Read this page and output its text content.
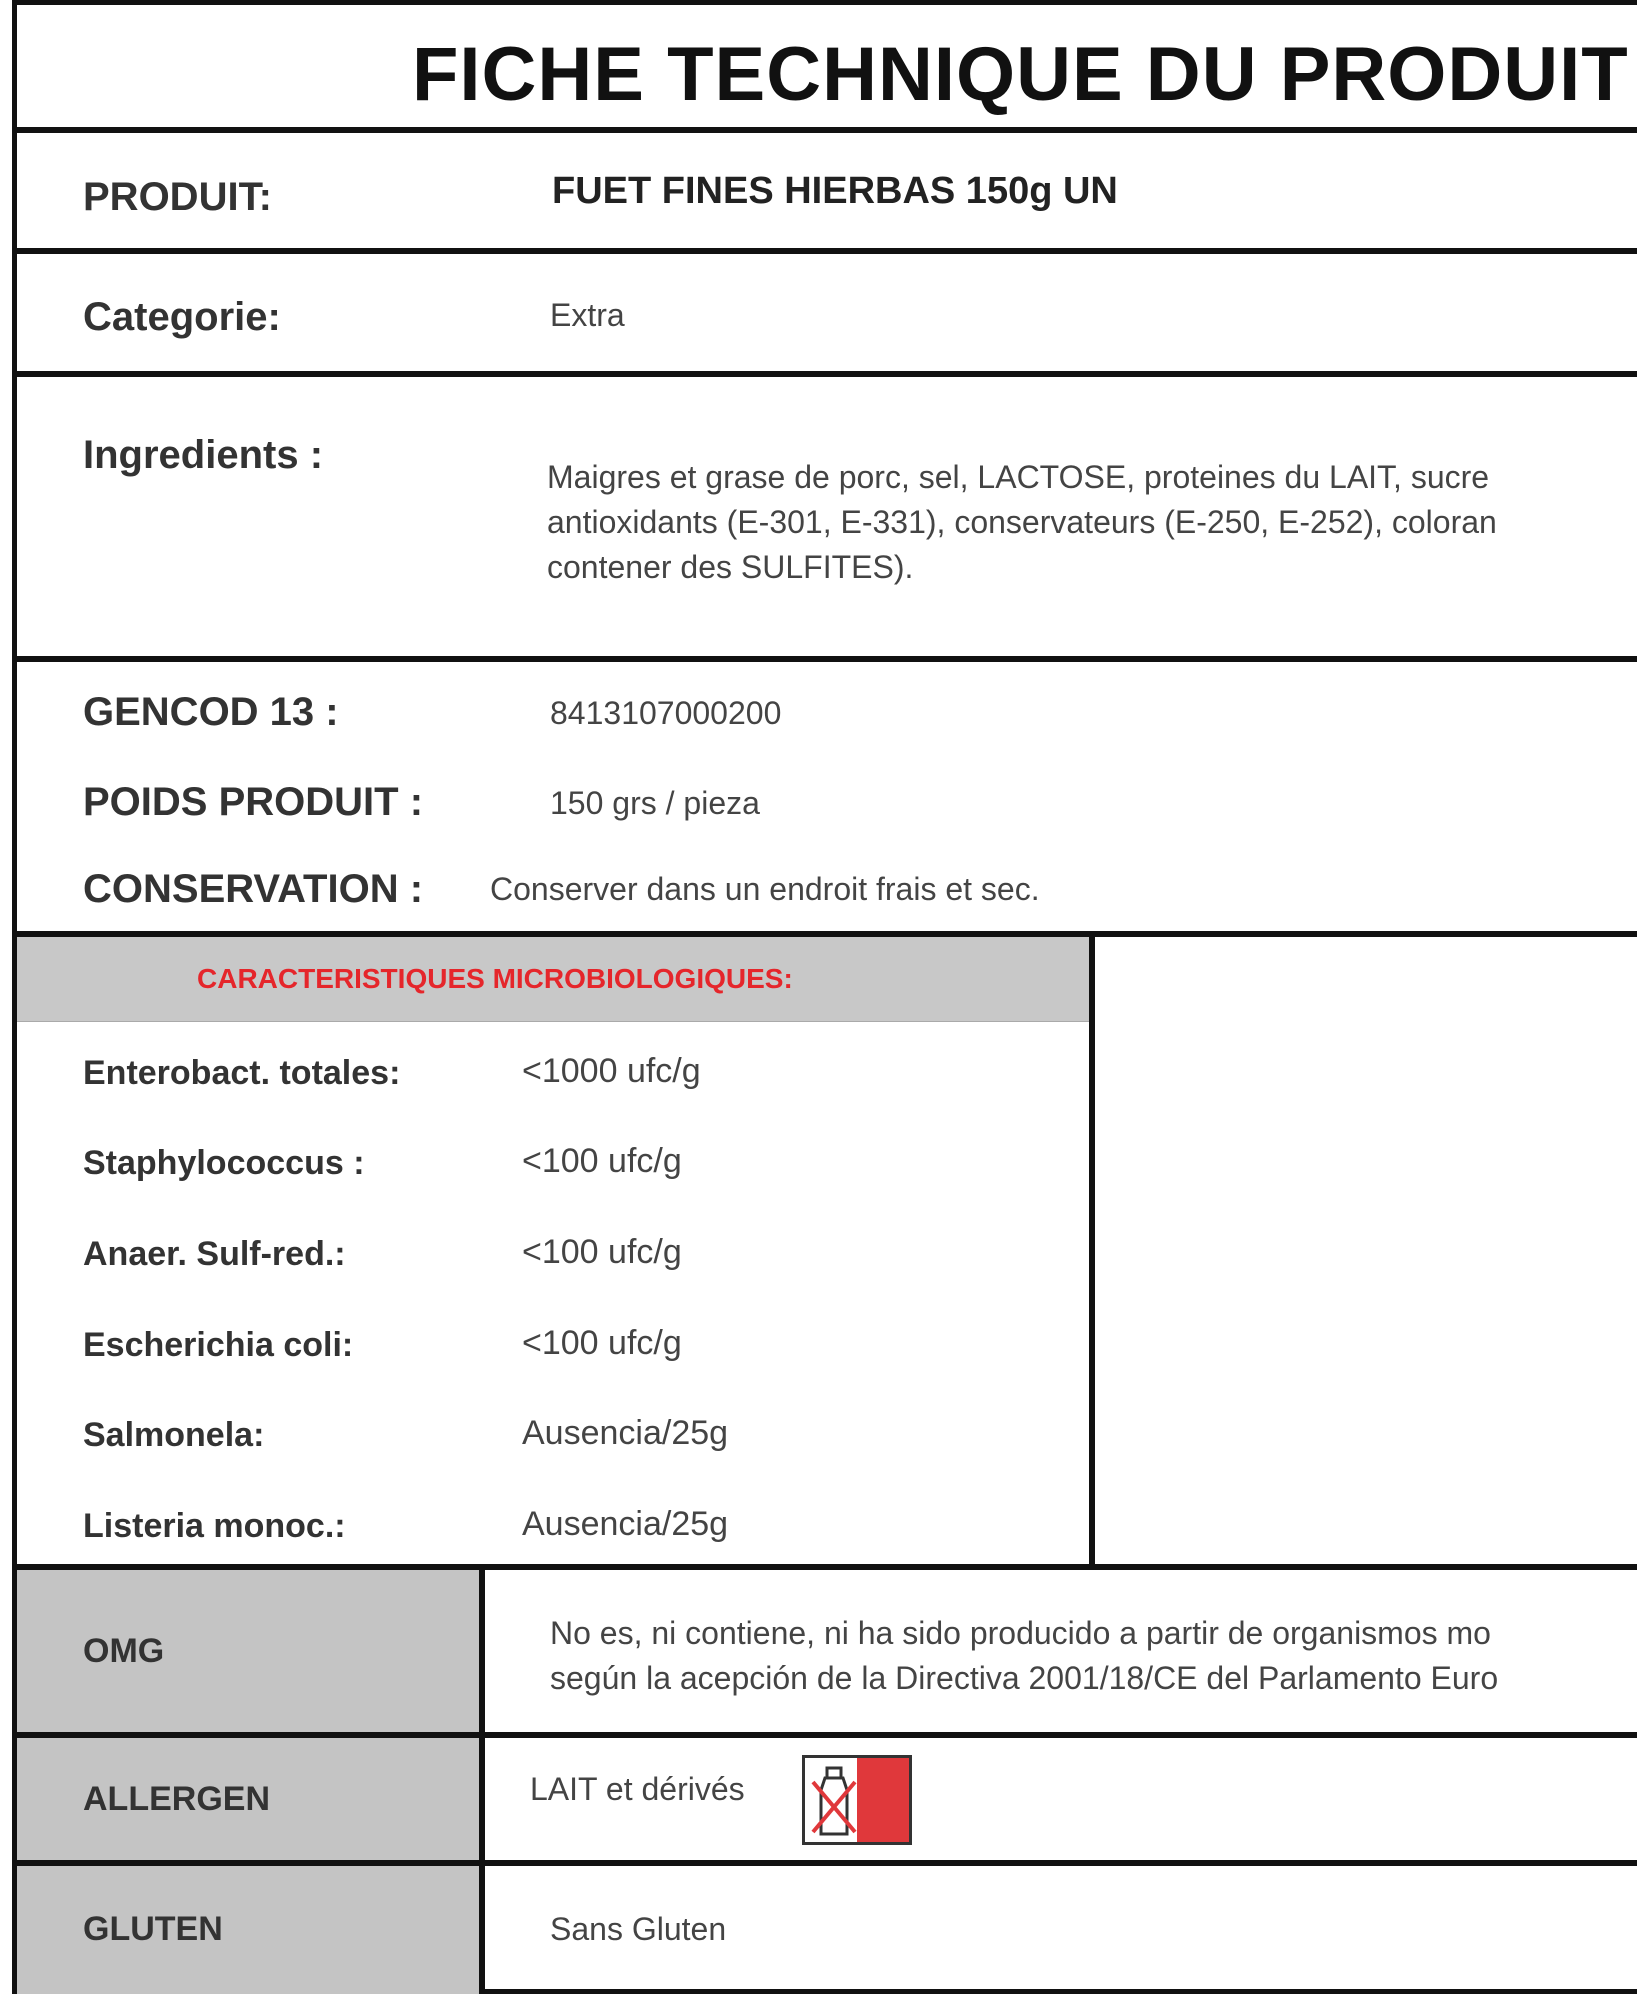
FICHE TECHNIQUE DU PRODUIT
PRODUIT:	FUET FINES HIERBAS 150g UN
Categorie:	Extra
Ingredients :	Maigres et grase de porc, sel, LACTOSE, proteines du LAIT, sucre
antioxidants (E-301, E-331), conservateurs (E-250, E-252), coloran
contener des SULFITES).
GENCOD 13 :	8413107000200
POIDS PRODUIT :	150 grs / pieza
CONSERVATION : Conserver dans un endroit frais et sec.
CARACTERISTIQUES MICROBIOLOGIQUES:
Enterobact. totales:	<1000 ufc/g
Staphylococcus :	<100 ufc/g
Anaer. Sulf-red.:	<100 ufc/g
Escherichia coli:	<100 ufc/g
Salmonela:	Ausencia/25g
Listeria monoc.:	Ausencia/25g
OMG	No es, ni contiene, ni ha sido producido a partir de organismos mo
según la acepción de la Directiva 2001/18/CE del Parlamento Euro
ALLERGEN	LAIT et dérivés
GLUTEN	Sans Gluten
